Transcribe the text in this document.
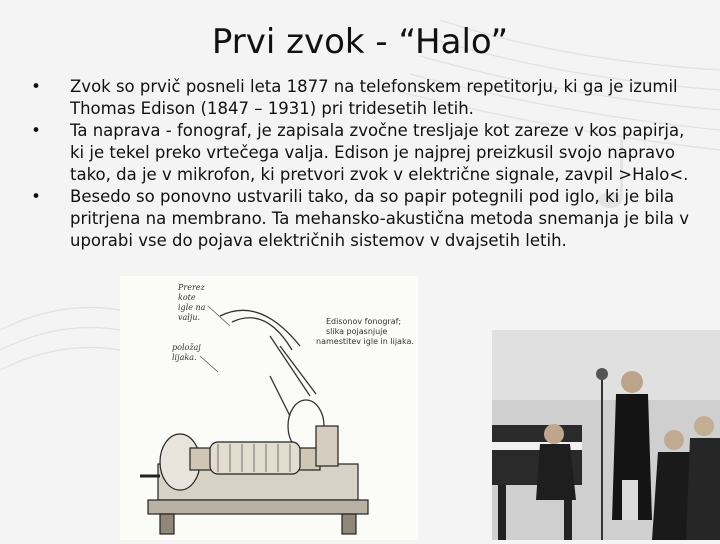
Prvi zvok - “Halo”
•	Zvok so prvič posneli leta 1877 na telefonskem repetitorju, ki ga je izumil Thomas Edison (1847 – 1931) pri tridesetih letih.
•	Ta naprava - fonograf, je zapisala zvočne tresljaje kot zareze v kos papirja, ki je tekel preko vrtečega valja. Edison je najprej preizkusil svojo napravo tako, da je v mikrofon, ki pretvori zvok v električne signale, zavpil >Halo<.
•	Besedo so ponovno ustvarili tako, da so papir potegnili pod iglo, ki je bila pritrjena na membrano. Ta mehansko-akustična metoda snemanja je bila v uporabi vse do pojava električnih sistemov v dvajsetih letih.
Prerez
kote
igle na
valju.
položaj
lijaka.
Edisonov fonograf;
slika pojasnjuje
namestitev igle in lijaka.
